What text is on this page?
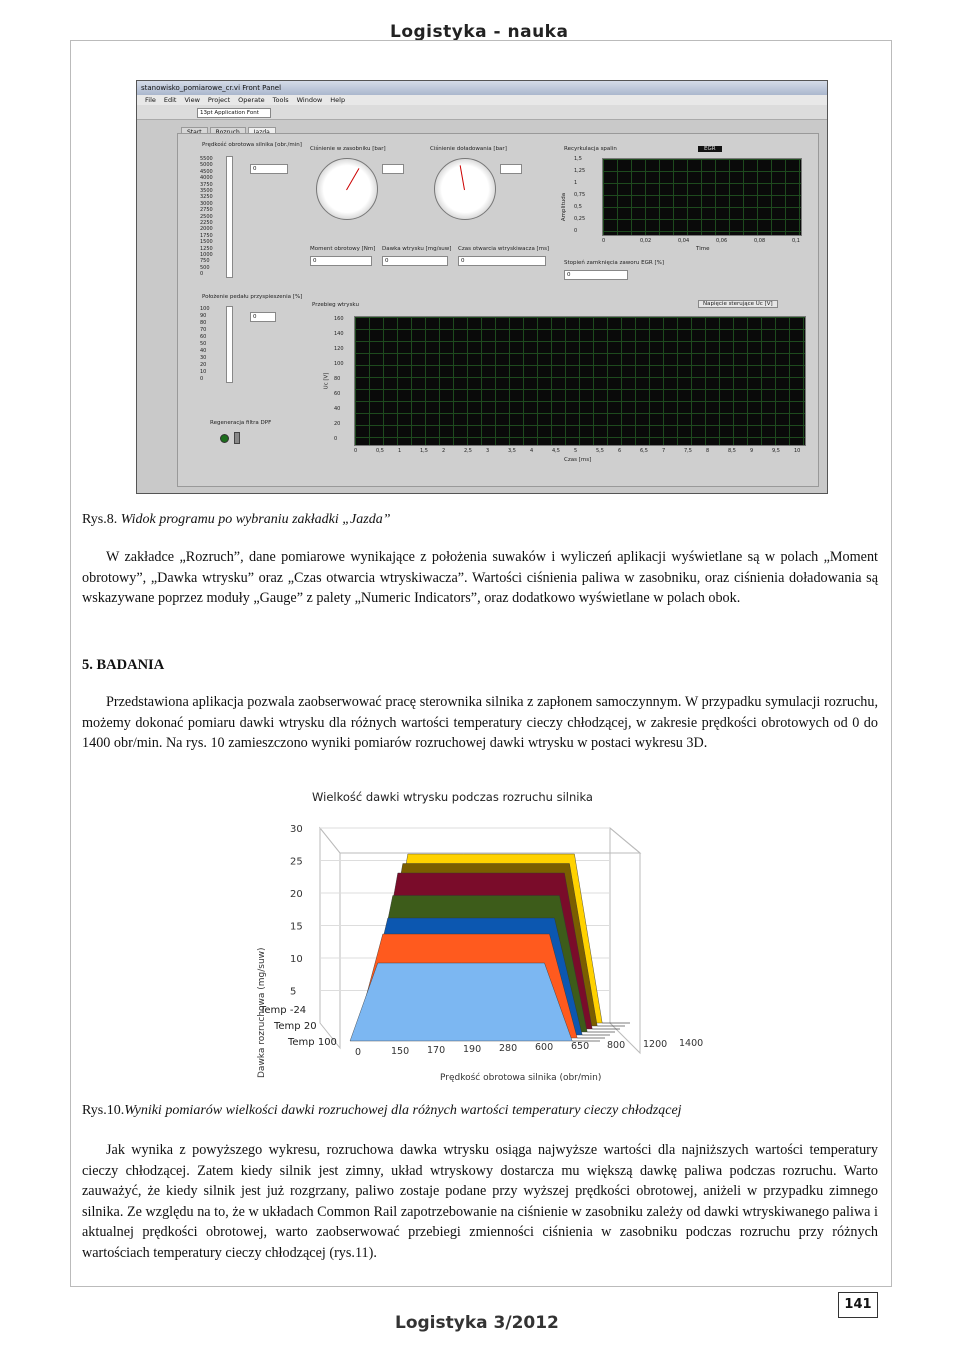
Logistyka - nauka
stanowisko_pomiarowe_cr.vi Front Panel
File Edit View Project Operate Tools Window Help
13pt Application Font
Prędkość obrotowa silnika [obr./min]
5500
5000
4500
4000
3750
3500
3250
3000
2750
2500
2250
2000
1750
1500
1250
1000
750
500
0
0
Położenie pedału przyspieszenia [%]
100
90
80
70
60
50
40
30
20
10
0
0
Regeneracja filtra DPF
Ciśnienie w zasobniku [bar]	Ciśnienie doładowania [bar]
Moment obrotowy [Nm]
0
Dawka wtrysku [mg/suw]
0
Czas otwarcia wtryskiwacza [ms]
0
Recyrkulacja spalin	EGR
Amplituda
1,5
1,25
1
0,75
0,5
0,25
0
0	0,02	0,04	0,06	0,08	0,1
Time
Stopień zamknięcia zaworu EGR [%]
0
Przebieg wtrysku	Napięcie sterujące Uc [V]
Uc [V]
160
140
120
100
80
60
40
20
0
0	0,5	1	1,5	2	2,5	3	3,5	4	4,5	5	5,5	6	6,5	7	7,5	8	8,5	9	9,5	10
Czas [ms]
Rys.8. Widok programu po wybraniu zakładki „Jazda”
W zakładce „Rozruch”, dane pomiarowe wynikające z położenia suwaków i wyliczeń aplikacji wyświetlane są w polach „Moment obrotowy”, „Dawka wtrysku” oraz „Czas otwarcia wtryskiwacza”. Wartości ciśnienia paliwa w zasobniku, oraz ciśnienia doładowania są wskazywane poprzez moduły „Gauge” z palety „Numeric Indicators”, oraz dodatkowo wyświetlane w polach obok.
5. BADANIA
Przedstawiona aplikacja pozwala zaobserwować pracę sterownika silnika z zapłonem samoczynnym. W przypadku symulacji rozruchu, możemy dokonać pomiaru dawki wtrysku dla różnych wartości temperatury cieczy chłodzącej, w zakresie prędkości obrotowych od 0 do 1400 obr/min. Na rys. 10 zamieszczono wyniki pomiarów rozruchowej dawki wtrysku w postaci wykresu 3D.
Wielkość dawki wtrysku podczas rozruchu silnika
30
25
20
15
10
5
0	150 170 190 280 600 650 800 1200 1400
Temp -24
Temp 20
Temp 100
Prędkość obrotowa silnika (obr/min)
Dawka rozruchowa (mg/suw)
Rys.10.Wyniki pomiarów wielkości dawki rozruchowej dla różnych wartości temperatury cieczy chłodzącej
Jak wynika z powyższego wykresu, rozruchowa dawka wtrysku osiąga najwyższe wartości dla najniższych wartości temperatury cieczy chłodzącej. Zatem kiedy silnik jest zimny, układ wtryskowy dostarcza mu większą dawkę paliwa podczas rozruchu. Warto zauważyć, że kiedy silnik jest już rozgrzany, paliwo zostaje podane przy wyższej prędkości obrotowej, aniżeli w przypadku zimnego silnika. Ze względu na to, że w układach Common Rail zapotrzebowanie na ciśnienie w zasobniku zależy od dawki wtryskiwanego paliwa i aktualnej prędkości obrotowej, warto zaobserwować przebiegi zmienności ciśnienia w zasobniku podczas rozruchu przy różnych wartościach temperatury cieczy chłodzącej (rys.11).
141
Logistyka 3/2012
